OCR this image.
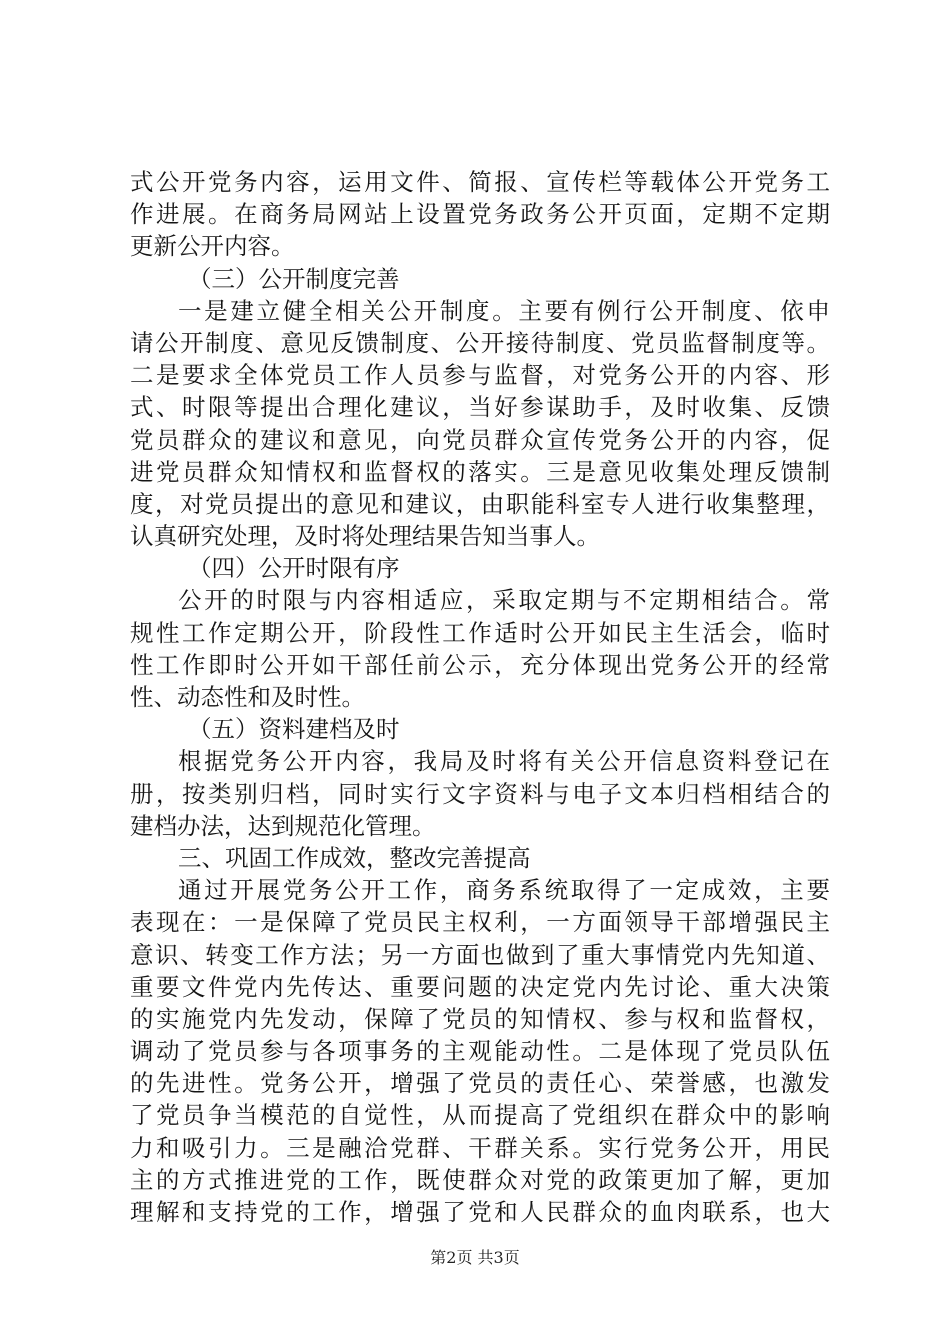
式公开党务内容，运用文件、简报、宣传栏等载体公开党务工
作进展。在商务局网站上设置党务政务公开页面，定期不定期
更新公开内容。
（三）公开制度完善
一是建立健全相关公开制度。主要有例行公开制度、依申
请公开制度、意见反馈制度、公开接待制度、党员监督制度等。
二是要求全体党员工作人员参与监督，对党务公开的内容、形
式、时限等提出合理化建议，当好参谋助手，及时收集、反馈
党员群众的建议和意见，向党员群众宣传党务公开的内容，促
进党员群众知情权和监督权的落实。三是意见收集处理反馈制
度，对党员提出的意见和建议，由职能科室专人进行收集整理，
认真研究处理，及时将处理结果告知当事人。
（四）公开时限有序
公开的时限与内容相适应，采取定期与不定期相结合。常
规性工作定期公开，阶段性工作适时公开如民主生活会，临时
性工作即时公开如干部任前公示，充分体现出党务公开的经常
性、动态性和及时性。
（五）资料建档及时
根据党务公开内容，我局及时将有关公开信息资料登记在
册，按类别归档，同时实行文字资料与电子文本归档相结合的
建档办法，达到规范化管理。
三、巩固工作成效，整改完善提高
通过开展党务公开工作，商务系统取得了一定成效，主要
表现在：一是保障了党员民主权利，一方面领导干部增强民主
意识、转变工作方法；另一方面也做到了重大事情党内先知道、
重要文件党内先传达、重要问题的决定党内先讨论、重大决策
的实施党内先发动，保障了党员的知情权、参与权和监督权，
调动了党员参与各项事务的主观能动性。二是体现了党员队伍
的先进性。党务公开，增强了党员的责任心、荣誉感，也激发
了党员争当模范的自觉性，从而提高了党组织在群众中的影响
力和吸引力。三是融洽党群、干群关系。实行党务公开，用民
主的方式推进党的工作，既使群众对党的政策更加了解，更加
理解和支持党的工作，增强了党和人民群众的血肉联系，也大
第2页 共3页
